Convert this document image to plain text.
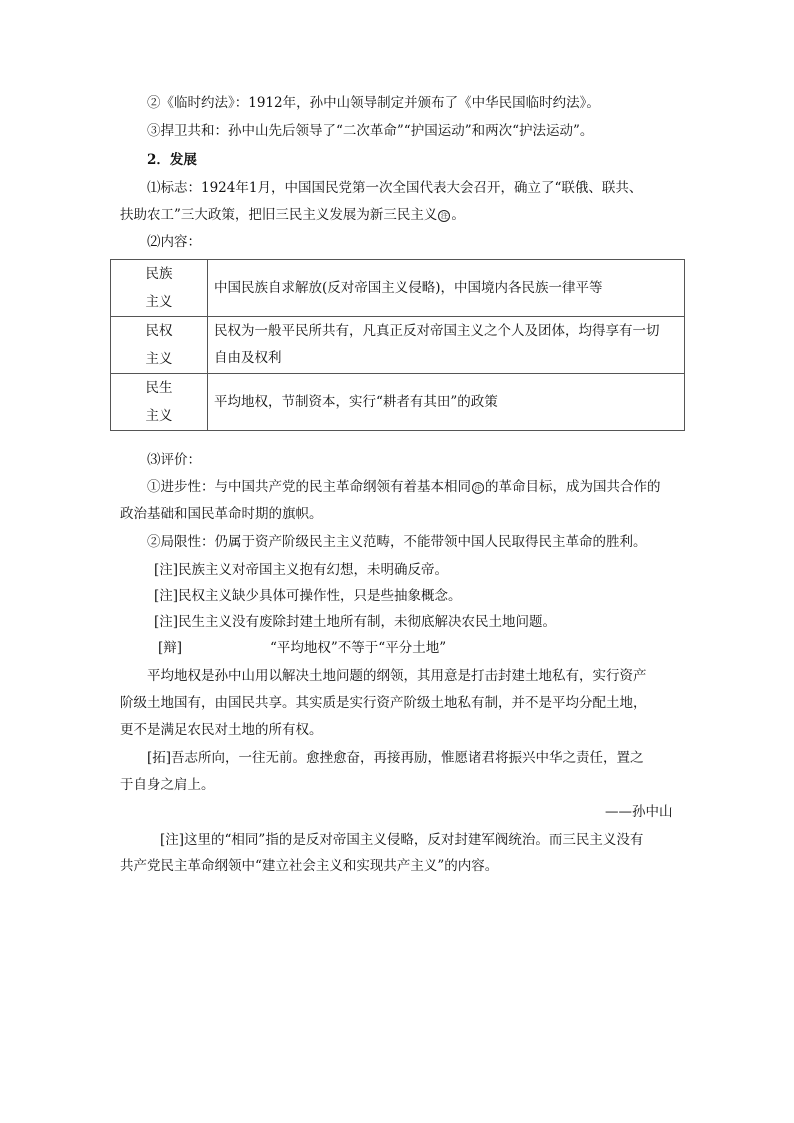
②《临时约法》：1912年，孙中山领导制定并颁布了《中华民国临时约法》。
③捍卫共和：孙中山先后领导了“二次革命”“护国运动”和两次“护法运动”。
2．发展
⑴标志：1924年1月，中国国民党第一次全国代表大会召开，确立了“联俄、联共、
扶助农工”三大政策，把旧三民主义发展为新三民主义 注 。
⑵内容：
民族
主义	中国民族自求解放(反对帝国主义侵略)，中国境内各民族一律平等

民权
主义	民权为一般平民所共有，凡真正反对帝国主义之个人及团体，均得享有一切
自由及权利

民生
主义	平均地权，节制资本，实行“耕者有其田”的政策
⑶评价：
①进步性：与中国共产党的民主革命纲领有着基本相同 注 的革命目标，成为国共合作的
政治基础和国民革命时期的旗帜。
②局限性：仍属于资产阶级民主主义范畴，不能带领中国人民取得民主革命的胜利。
[注]民族主义对帝国主义抱有幻想，未明确反帝。
[注]民权主义缺少具体可操作性，只是些抽象概念。
[注]民生主义没有废除封建土地所有制，未彻底解决农民土地问题。
[辩]	“平均地权”不等于“平分土地”
平均地权是孙中山用以解决土地问题的纲领，其用意是打击封建土地私有，实行资产
阶级土地国有，由国民共享。其实质是实行资产阶级土地私有制，并不是平均分配土地，
更不是满足农民对土地的所有权。
[拓]吾志所向，一往无前。愈挫愈奋，再接再励，惟愿诸君将振兴中华之责任，置之
于自身之肩上。
——孙中山
[注]这里的“相同”指的是反对帝国主义侵略，反对封建军阀统治。而三民主义没有
共产党民主革命纲领中“建立社会主义和实现共产主义”的内容。
